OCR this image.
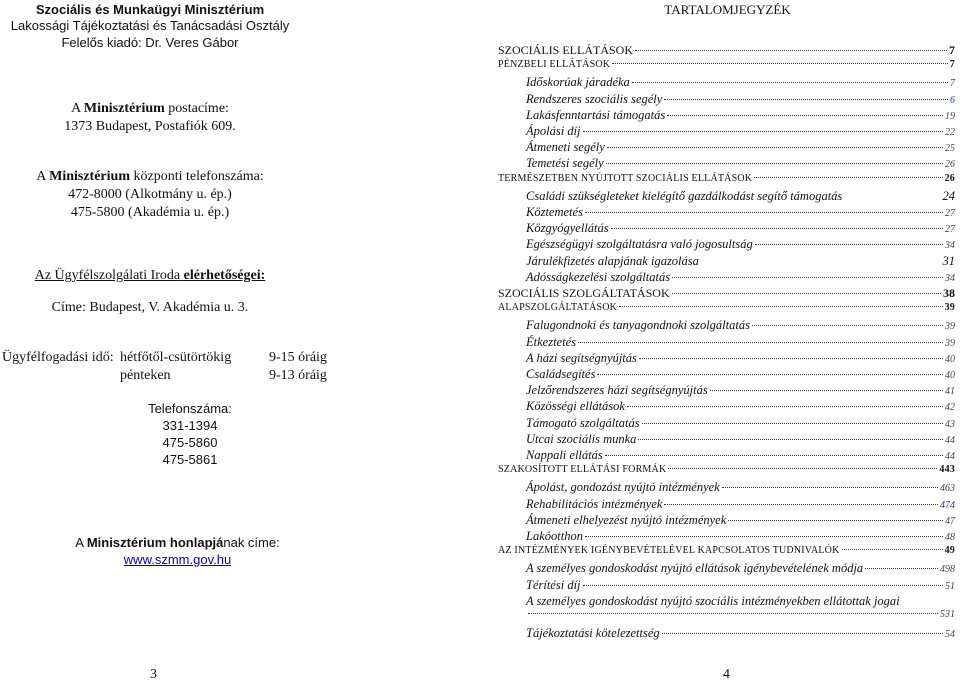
Szociális és Munkaügyi Minisztérium
Lakossági Tájékoztatási és Tanácsadási Osztály
Felelős kiadó: Dr. Veres Gábor
A Minisztérium postacíme:
1373 Budapest, Postafiók 609.
A Minisztérium központi telefonszáma:
472-8000 (Alkotmány u. ép.)
475-5800 (Akadémia u. ép.)
Az Ügyfélszolgálati Iroda elérhetőségei:
Címe: Budapest, V. Akadémia u. 3.
Ügyfélfogadási idő: hétfőtől-csütörtökig	9-15 óráig
pénteken	9-13 óráig
Telefonszáma:
331-1394
475-5860
475-5861
A Minisztérium honlapjának címe:
www.szmm.gov.hu
3
TARTALOMJEGYZÉK
SZOCIÁLIS ELLÁTÁSOK	7
PÉNZBELI ELLÁTÁSOK	7
Időskorúak járadéka	7
Rendszeres szociális segély	6
Lakásfenntartási támogatás	19
Ápolási díj	22
Átmeneti segély	25
Temetési segély	26
TERMÉSZETBEN NYÚJTOTT SZOCIÁLIS ELLÁTÁSOK	26
Családi szükségleteket kielégítő gazdálkodást segítő támogatás	24
Köztemetés	27
Közgyógyellátás	27
Egészségügyi szolgáltatásra való jogosultság	34
Járulékfizetés alapjának igazolása	31
Adósságkezelési szolgáltatás	34
SZOCIÁLIS SZOLGÁLTATÁSOK	38
ALAPSZOLGÁLTATÁSOK	39
Falugondnoki és tanyagondnoki szolgáltatás	39
Étkeztetés	39
A házi segítségnyújtás	40
Családsegítés	40
Jelzőrendszeres házi segítségnyújtás	41
Közösségi ellátások	42
Támogató szolgáltatás	43
Utcai szociális munka	44
Nappali ellátás	44
SZAKOSÍTOTT ELLÁTÁSI FORMÁK	443
Ápolást, gondozást nyújtó intézmények	463
Rehabilitációs intézmények	474
Átmeneti elhelyezést nyújtó intézmények	47
Lakóotthon	48
AZ INTÉZMÉNYEK IGÉNYBEVÉTELÉVEL KAPCSOLATOS TUDNIVALÓK	49
A személyes gondoskodást nyújtó ellátások igénybevételének módja	498
Térítési díj	51
A személyes gondoskodást nyújtó szociális intézményekben ellátottak jogai
531
Tájékoztatási kötelezettség	54
4
